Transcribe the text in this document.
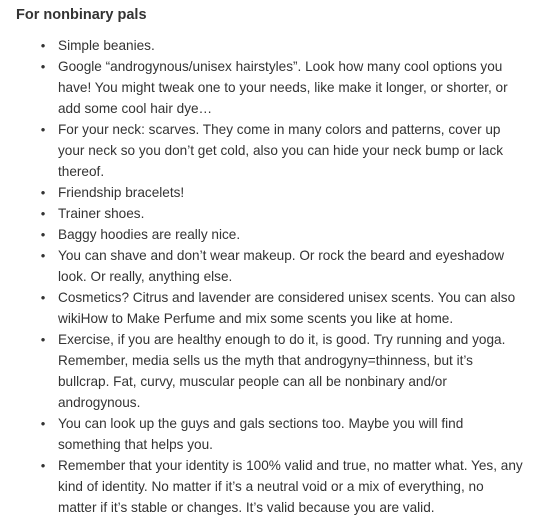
For nonbinary pals
• Simple beanies.
• Google “androgynous/unisex hairstyles”. Look how many cool options you have! You might tweak one to your needs, like make it longer, or shorter, or add some cool hair dye…
• For your neck: scarves. They come in many colors and patterns, cover up your neck so you don’t get cold, also you can hide your neck bump or lack thereof.
• Friendship bracelets!
• Trainer shoes.
• Baggy hoodies are really nice.
• You can shave and don’t wear makeup. Or rock the beard and eyeshadow look. Or really, anything else.
• Cosmetics? Citrus and lavender are considered unisex scents. You can also wikiHow to Make Perfume and mix some scents you like at home.
• Exercise, if you are healthy enough to do it, is good. Try running and yoga. Remember, media sells us the myth that androgyny=thinness, but it’s bullcrap. Fat, curvy, muscular people can all be nonbinary and/or androgynous.
• You can look up the guys and gals sections too. Maybe you will find something that helps you.
• Remember that your identity is 100% valid and true, no matter what. Yes, any kind of identity. No matter if it’s a neutral void or a mix of everything, no matter if it’s stable or changes. It’s valid because you are valid.
